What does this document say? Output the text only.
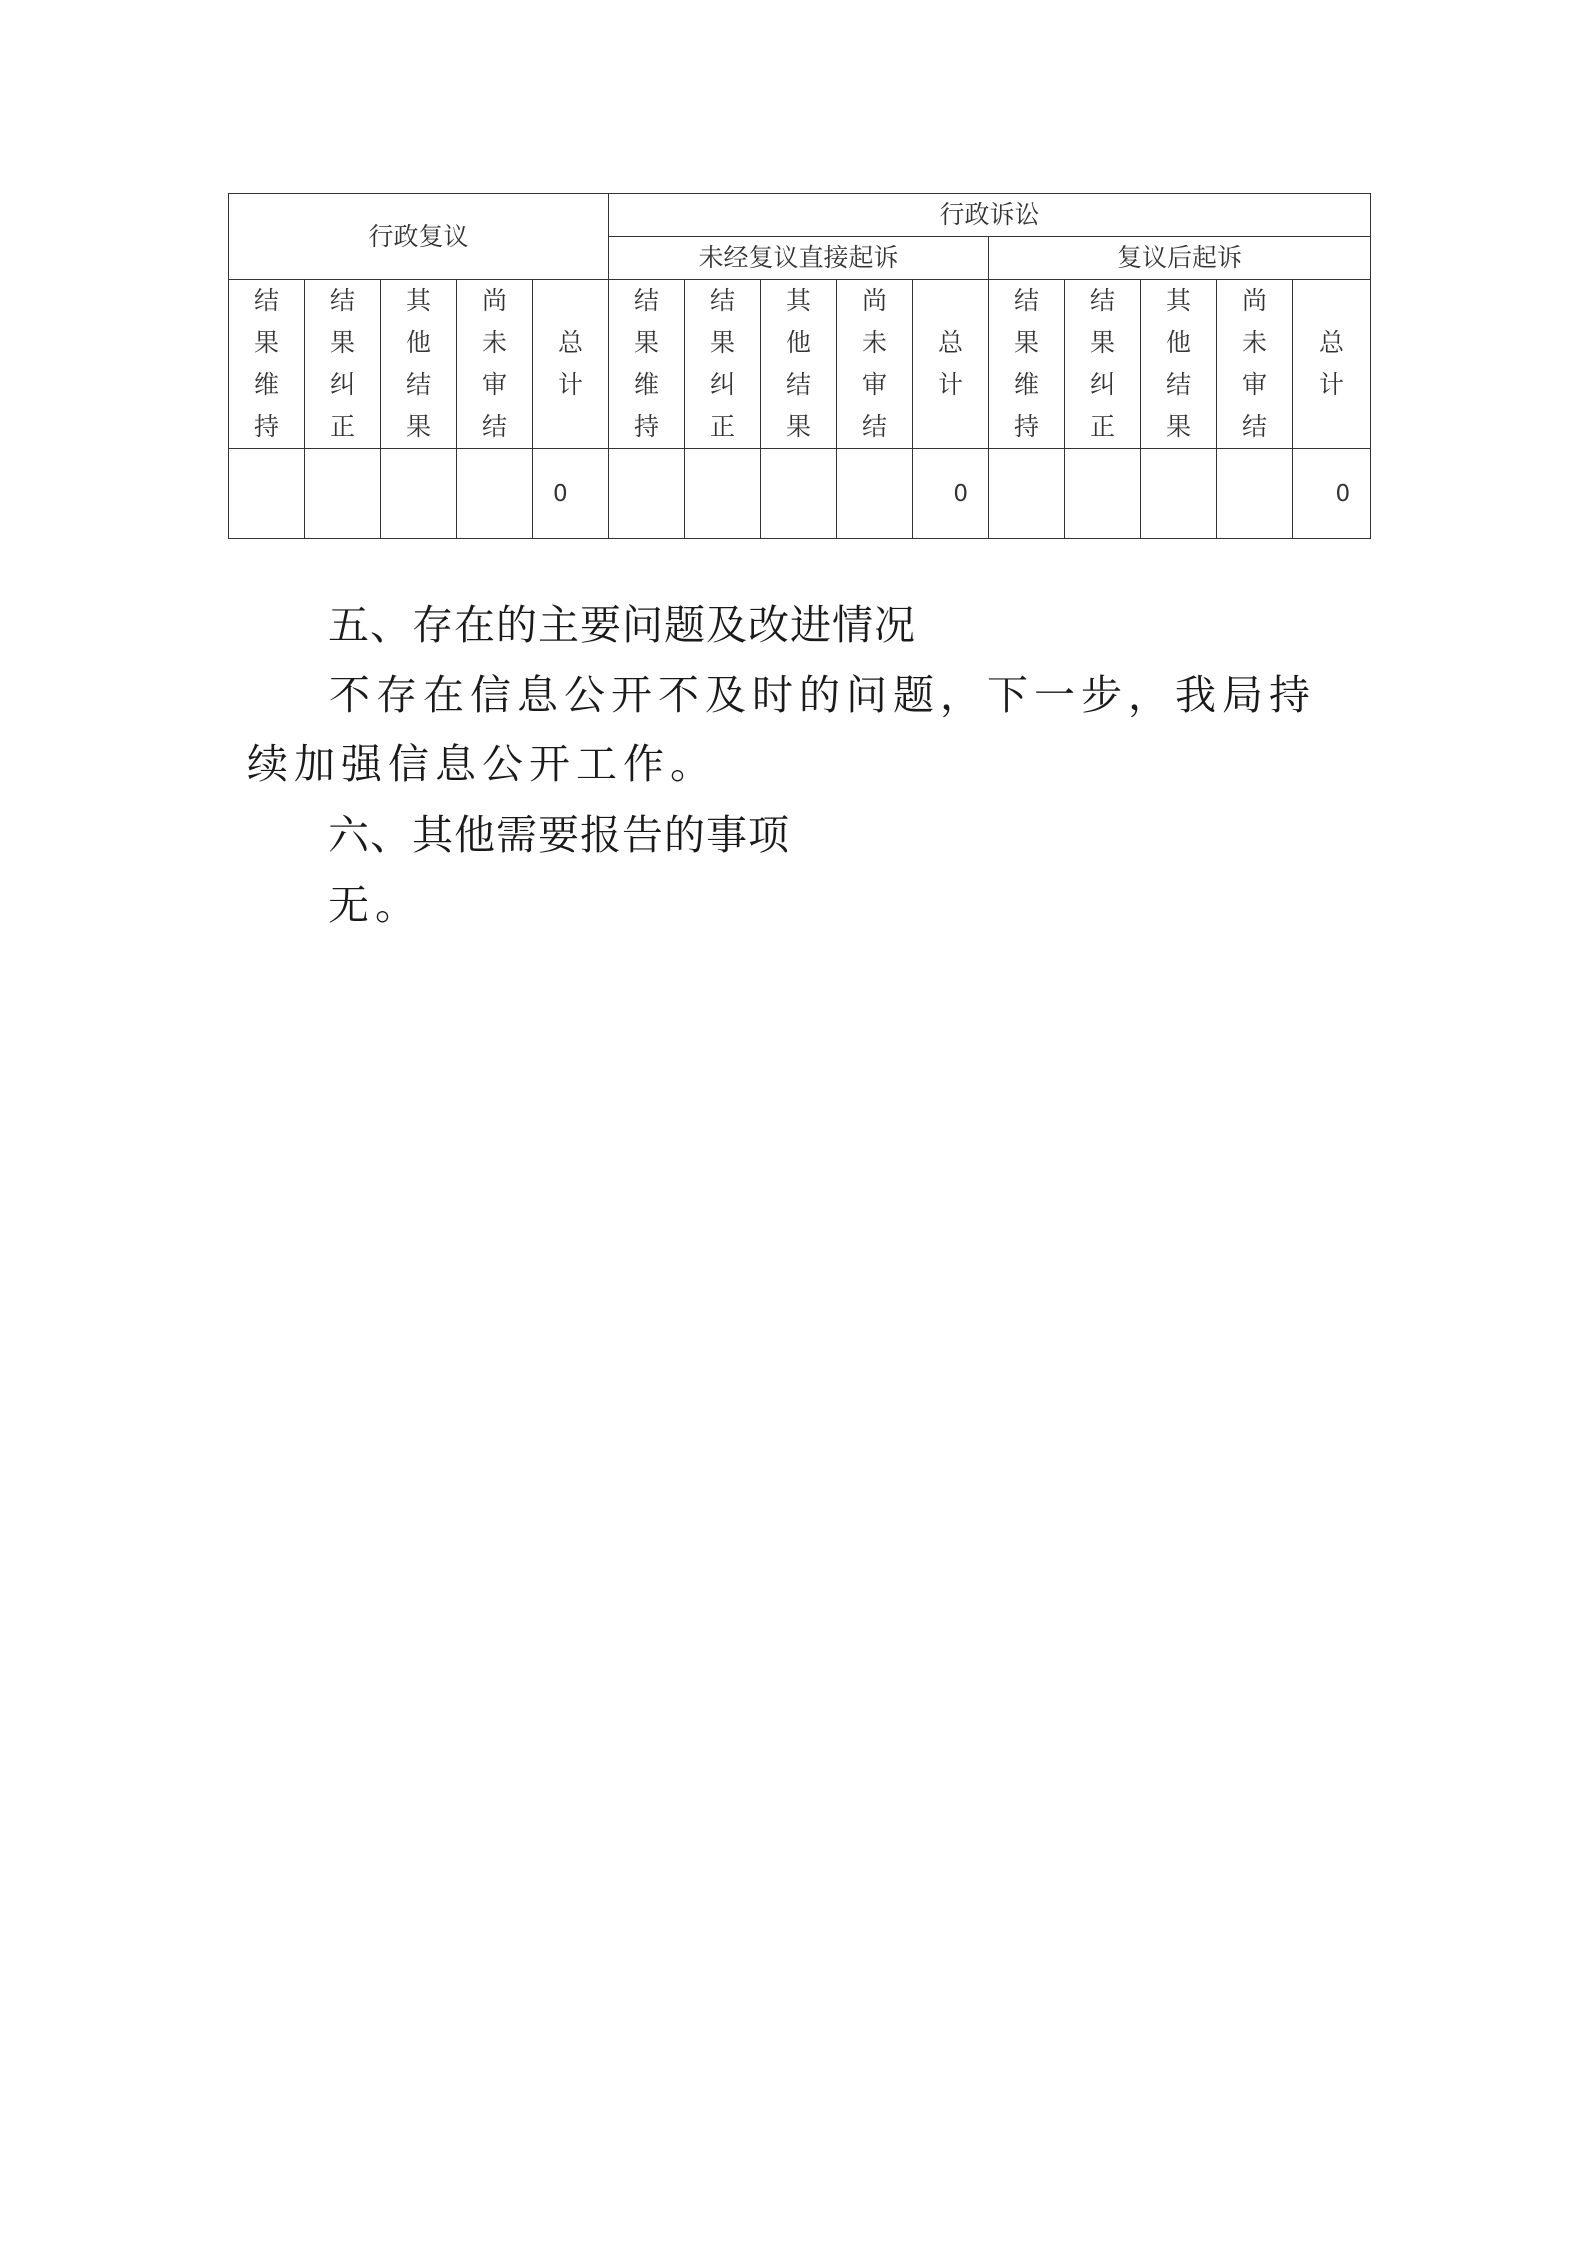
行政复议					行政诉讼									
					未经复议直接起诉					复议后起诉				
结果维持	结果纠正	其他结果	尚未审结	总计	结果维持	结果纠正	其他结果	尚未审结	总计	结果维持	结果纠正	其他结果	尚未审结	总计

				0					0					0

五、存在的主要问题及改进情况

不存在信息公开不及时的问题，下一步，我局持续加强信息公开工作。

六、其他需要报告的事项

无。
